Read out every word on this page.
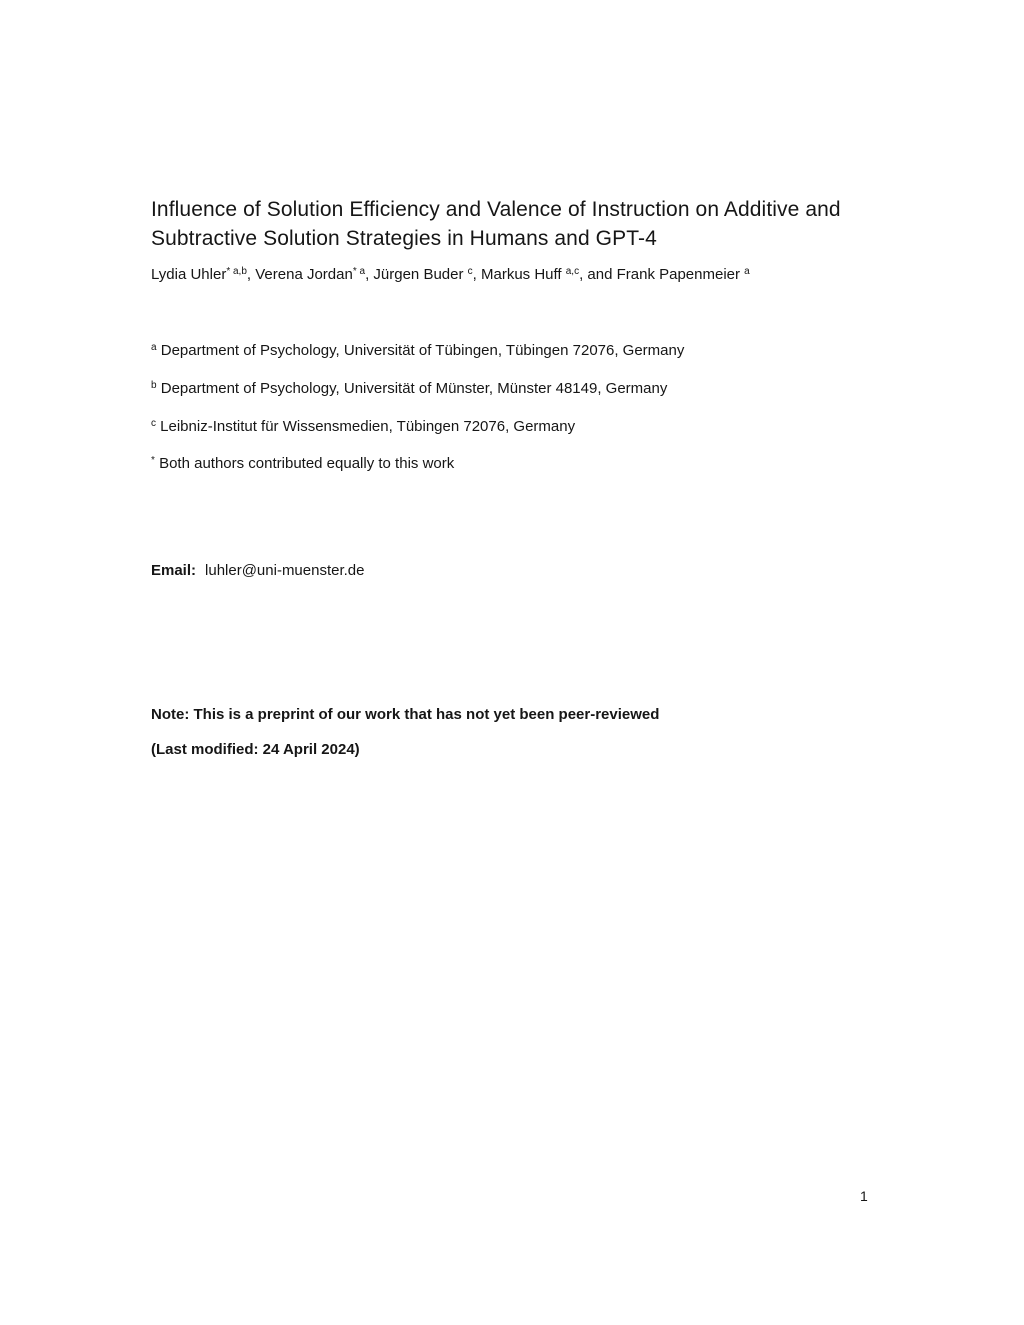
Influence of Solution Efficiency and Valence of Instruction on Additive and Subtractive Solution Strategies in Humans and GPT-4
Lydia Uhler$^{* a,b}$, Verena Jordan$^{* a}$, Jürgen Buder $^c$, Markus Huff $^{a,c}$, and Frank Papenmeier $^a$
$^a$ Department of Psychology, Universität of Tübingen, Tübingen 72076, Germany
$^b$ Department of Psychology, Universität of Münster, Münster 48149, Germany
$^c$ Leibniz-Institut für Wissensmedien, Tübingen 72076, Germany
* Both authors contributed equally to this work
Email: luhler@uni-muenster.de
Note: This is a preprint of our work that has not yet been peer-reviewed
(Last modified: 24 April 2024)
1
